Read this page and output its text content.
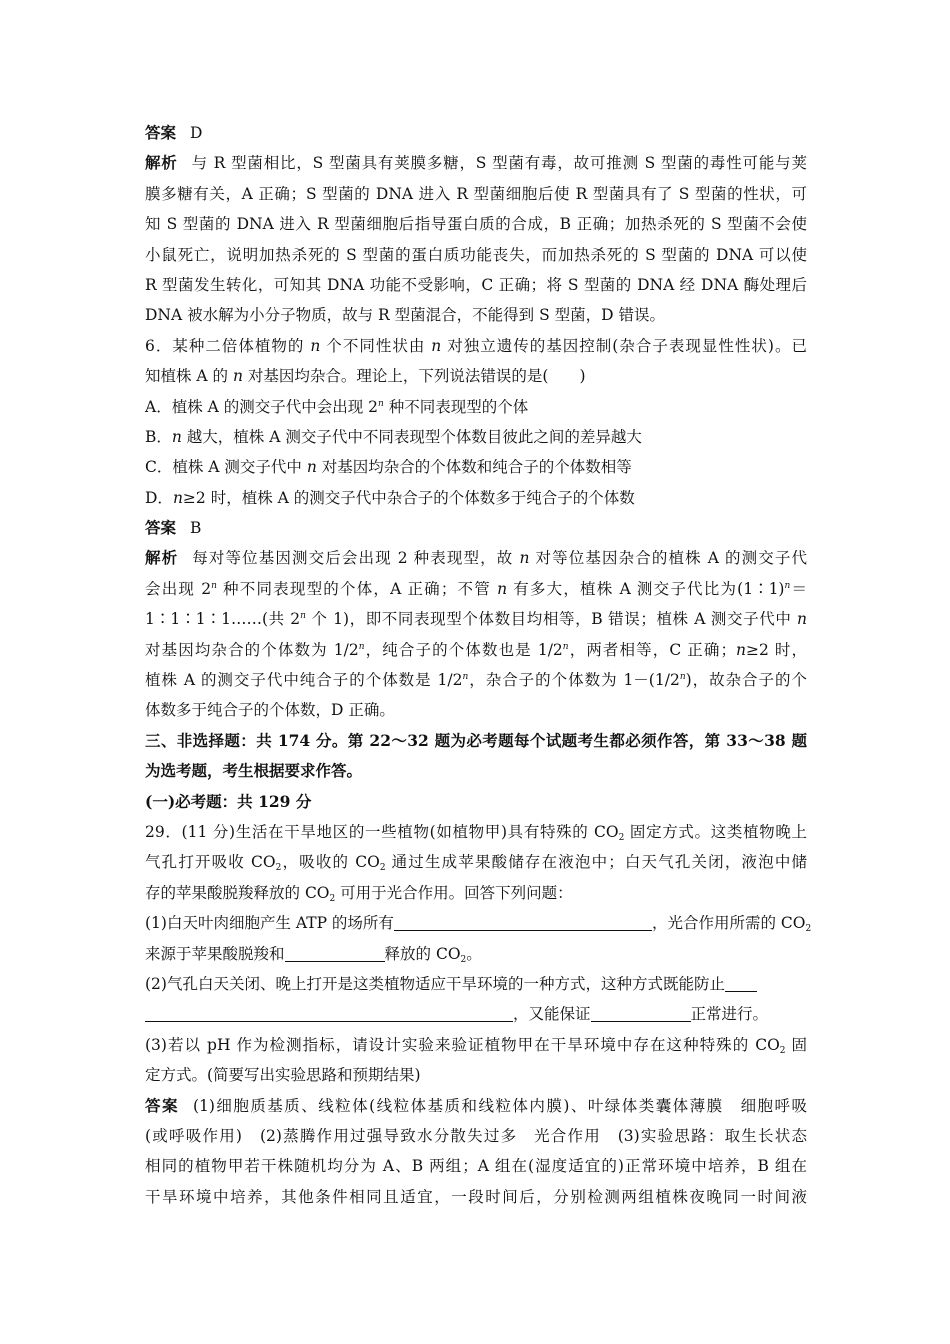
答案 D
解析 与 R 型菌相比，S 型菌具有荚膜多糖，S 型菌有毒，故可推测 S 型菌的毒性可能与荚
膜多糖有关，A 正确；S 型菌的 DNA 进入 R 型菌细胞后使 R 型菌具有了 S 型菌的性状，可
知 S 型菌的 DNA 进入 R 型菌细胞后指导蛋白质的合成，B 正确；加热杀死的 S 型菌不会使
小鼠死亡，说明加热杀死的 S 型菌的蛋白质功能丧失，而加热杀死的 S 型菌的 DNA 可以使
R 型菌发生转化，可知其 DNA 功能不受影响，C 正确；将 S 型菌的 DNA 经 DNA 酶处理后
DNA 被水解为小分子物质，故与 R 型菌混合，不能得到 S 型菌，D 错误。
6．某种二倍体植物的 n 个不同性状由 n 对独立遗传的基因控制(杂合子表现显性性状)。已
知植株 A 的 n 对基因均杂合。理论上，下列说法错误的是(　　)
A．植株 A 的测交子代中会出现 2$^n$ 种不同表现型的个体
B．n 越大，植株 A 测交子代中不同表现型个体数目彼此之间的差异越大
C．植株 A 测交子代中 n 对基因均杂合的个体数和纯合子的个体数相等
D．n≥2 时，植株 A 的测交子代中杂合子的个体数多于纯合子的个体数
答案 B
解析 每对等位基因测交后会出现 2 种表现型，故 n 对等位基因杂合的植株 A 的测交子代
会出现 2$^n$ 种不同表现型的个体，A 正确；不管 n 有多大，植株 A 测交子代比为(1∶1)$^n$＝
1∶1∶1∶1……(共 2$^n$ 个 1)，即不同表现型个体数目均相等，B 错误；植株 A 测交子代中 n
对基因均杂合的个体数为 1/2$^n$，纯合子的个体数也是 1/2$^n$，两者相等，C 正确；n≥2 时，
植株 A 的测交子代中纯合子的个体数是 1/2$^n$，杂合子的个体数为 $1-(1/2^n)$，故杂合子的个
体数多于纯合子的个体数，D 正确。
三、非选择题：共 174 分。第 22～32 题为必考题每个试题考生都必须作答，第 33～38 题
为选考题，考生根据要求作答。
(一)必考题：共 129 分
29．(11 分)生活在干旱地区的一些植物(如植物甲)具有特殊的 $CO_2$ 固定方式。这类植物晚上
气孔打开吸收 $CO_2$，吸收的 $CO_2$ 通过生成苹果酸储存在液泡中；白天气孔关闭，液泡中储
存的苹果酸脱羧释放的 $CO_2$ 可用于光合作用。回答下列问题：
(1)白天叶肉细胞产生 ATP 的场所有	，光合作用所需的 $CO_2$
来源于苹果酸脱羧和	释放的 $CO_2$。
(2)气孔白天关闭、晚上打开是这类植物适应干旱环境的一种方式，这种方式既能防止
，又能保证	正常进行。
(3)若以 pH 作为检测指标，请设计实验来验证植物甲在干旱环境中存在这种特殊的 $CO_2$ 固
定方式。(简要写出实验思路和预期结果)
答案 (1)细胞质基质、线粒体(线粒体基质和线粒体内膜)、叶绿体类囊体薄膜　细胞呼吸
(或呼吸作用)　(2)蒸腾作用过强导致水分散失过多　光合作用　(3)实验思路：取生长状态
相同的植物甲若干株随机均分为 A、B 两组；A 组在(湿度适宜的)正常环境中培养，B 组在
干旱环境中培养，其他条件相同且适宜，一段时间后，分别检测两组植株夜晚同一时间液
